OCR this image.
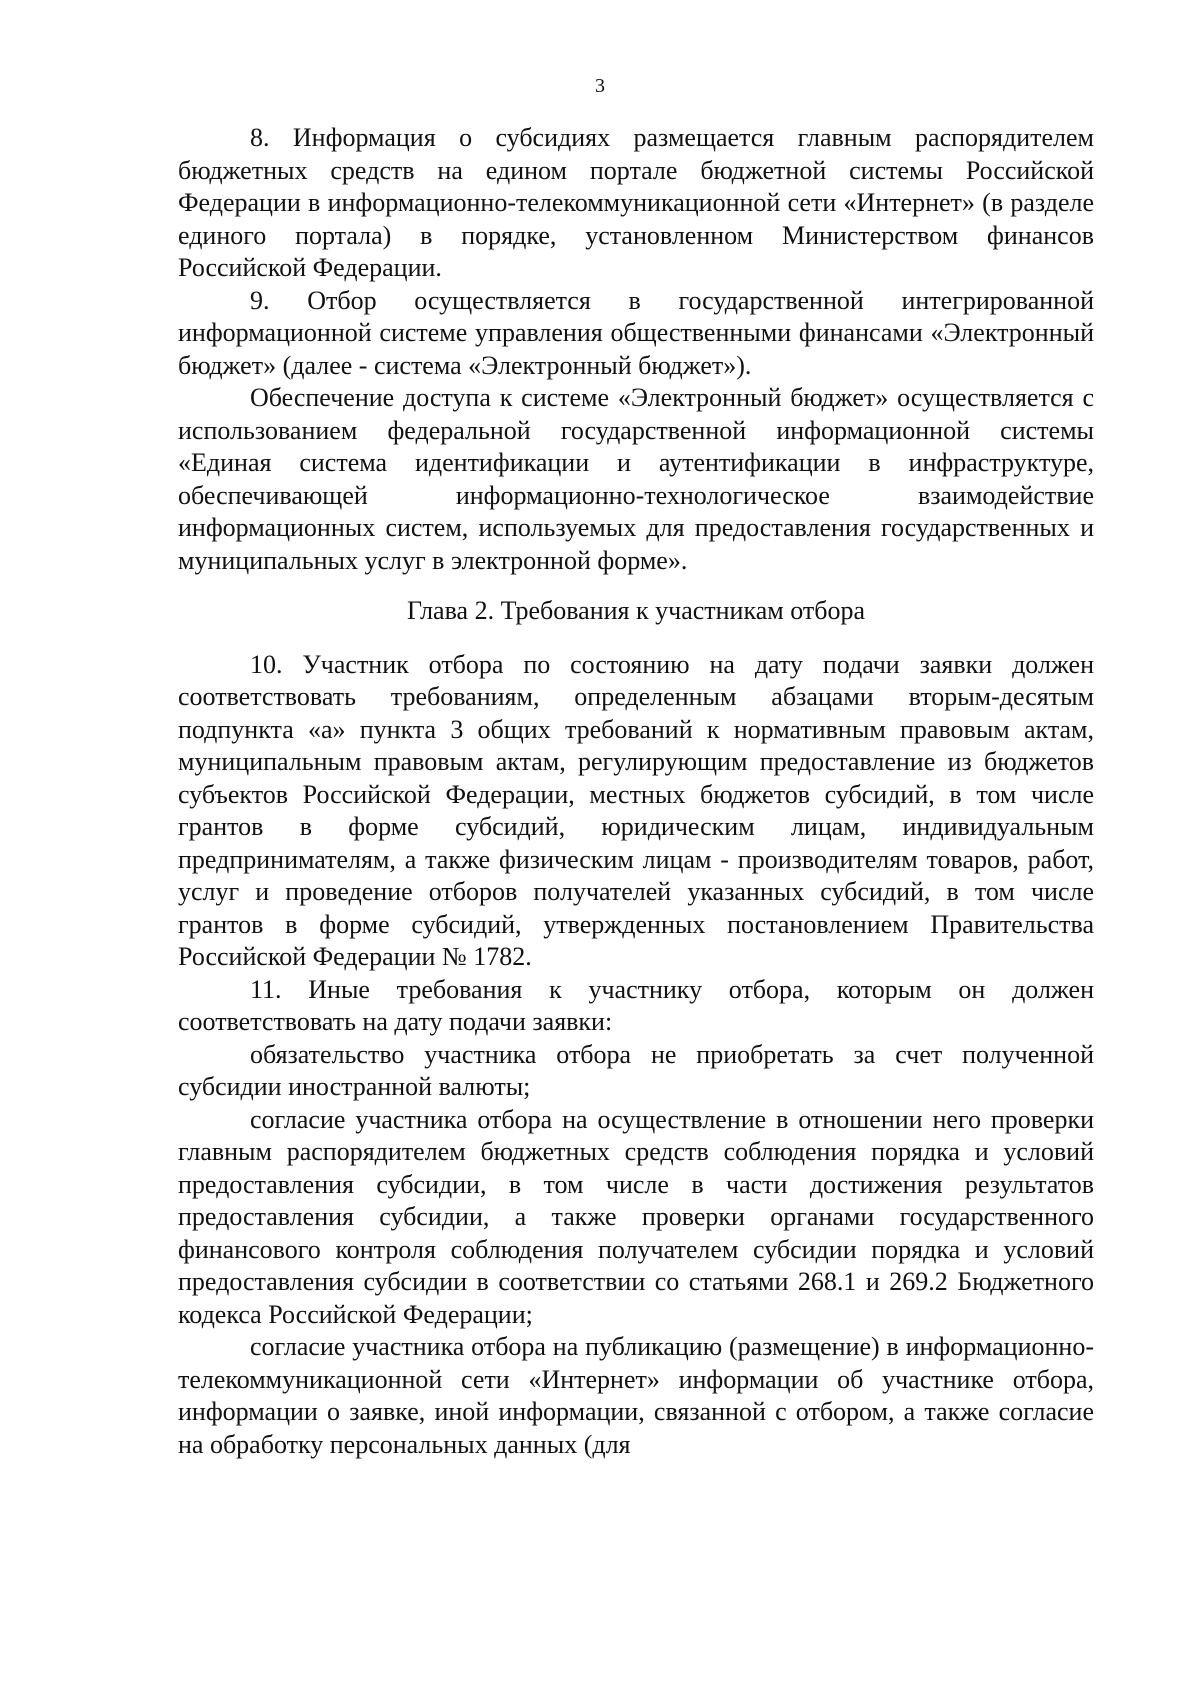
3

8. Информация о субсидиях размещается главным распорядителем бюджетных средств на едином портале бюджетной системы Российской Федерации в информационно-телекоммуникационной сети «Интернет» (в разделе единого портала) в порядке, установленном Министерством финансов Российской Федерации.

9. Отбор осуществляется в государственной интегрированной информационной системе управления общественными финансами «Электронный бюджет» (далее - система «Электронный бюджет»).

Обеспечение доступа к системе «Электронный бюджет» осуществляется с использованием федеральной государственной информационной системы «Единая система идентификации и аутентификации в инфраструктуре, обеспечивающей информационно-технологическое взаимодействие информационных систем, используемых для предоставления государственных и муниципальных услуг в электронной форме».

Глава 2. Требования к участникам отбора

10. Участник отбора по состоянию на дату подачи заявки должен соответствовать требованиям, определенным абзацами вторым-десятым подпункта «а» пункта 3 общих требований к нормативным правовым актам, муниципальным правовым актам, регулирующим предоставление из бюджетов субъектов Российской Федерации, местных бюджетов субсидий, в том числе грантов в форме субсидий, юридическим лицам, индивидуальным предпринимателям, а также физическим лицам - производителям товаров, работ, услуг и проведение отборов получателей указанных субсидий, в том числе грантов в форме субсидий, утвержденных постановлением Правительства Российской Федерации № 1782.

11. Иные требования к участнику отбора, которым он должен соответствовать на дату подачи заявки:

обязательство участника отбора не приобретать за счет полученной субсидии иностранной валюты;

согласие участника отбора на осуществление в отношении него проверки главным распорядителем бюджетных средств соблюдения порядка и условий предоставления субсидии, в том числе в части достижения результатов предоставления субсидии, а также проверки органами государственного финансового контроля соблюдения получателем субсидии порядка и условий предоставления субсидии в соответствии со статьями 268.1 и 269.2 Бюджетного кодекса Российской Федерации;

согласие участника отбора на публикацию (размещение) в информационно-телекоммуникационной сети «Интернет» информации об участнике отбора, информации о заявке, иной информации, связанной с отбором, а также согласие на обработку персональных данных (для
